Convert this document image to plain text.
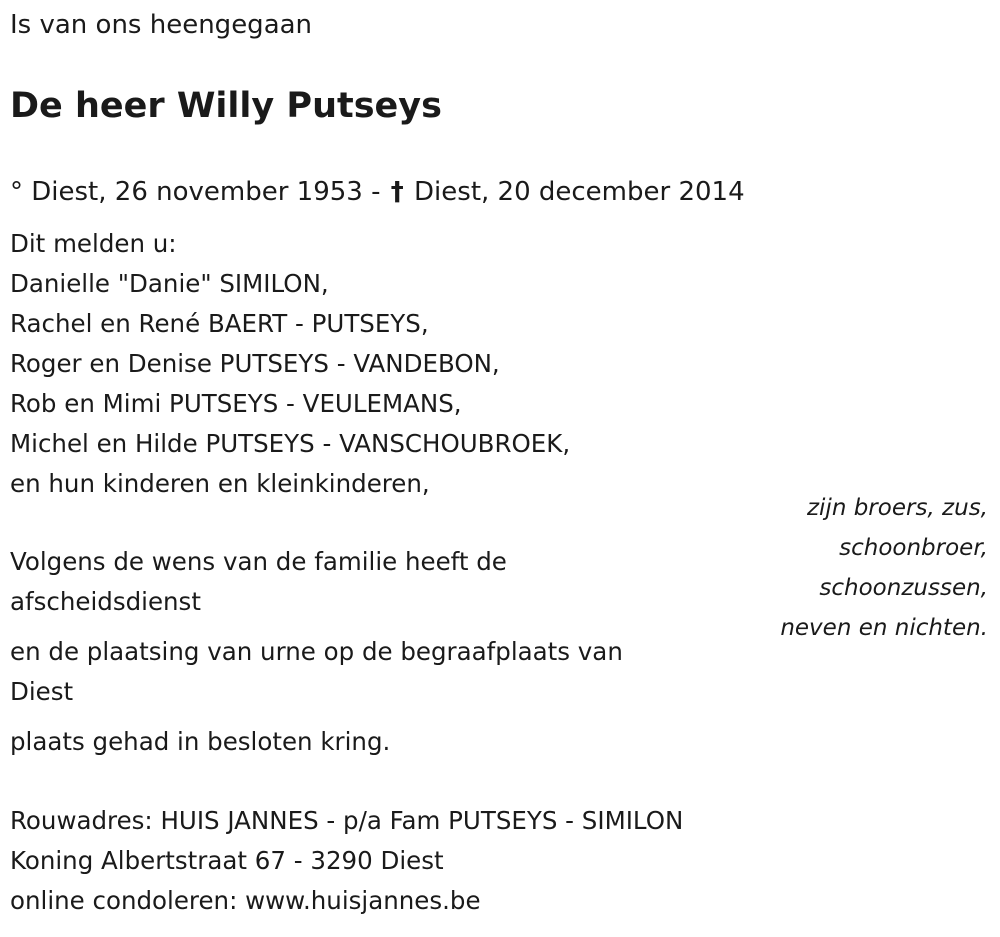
Is van ons heengegaan
De heer Willy Putseys
° Diest, 26 november 1953 - † Diest, 20 december 2014
Dit melden u:
Danielle "Danie" SIMILON,
Rachel en René BAERT - PUTSEYS,
Roger en Denise PUTSEYS - VANDEBON,
Rob en Mimi PUTSEYS - VEULEMANS,
Michel en Hilde PUTSEYS - VANSCHOUBROEK,
en hun kinderen en kleinkinderen,
zijn broers, zus,
schoonbroer,
schoonzussen,
neven en nichten.
Volgens de wens van de familie heeft de
afscheidsdienst
en de plaatsing van urne op de begraafplaats van
Diest
plaats gehad in besloten kring.
Rouwadres: HUIS JANNES - p/a Fam PUTSEYS - SIMILON
Koning Albertstraat 67 - 3290 Diest
online condoleren: www.huisjannes.be
